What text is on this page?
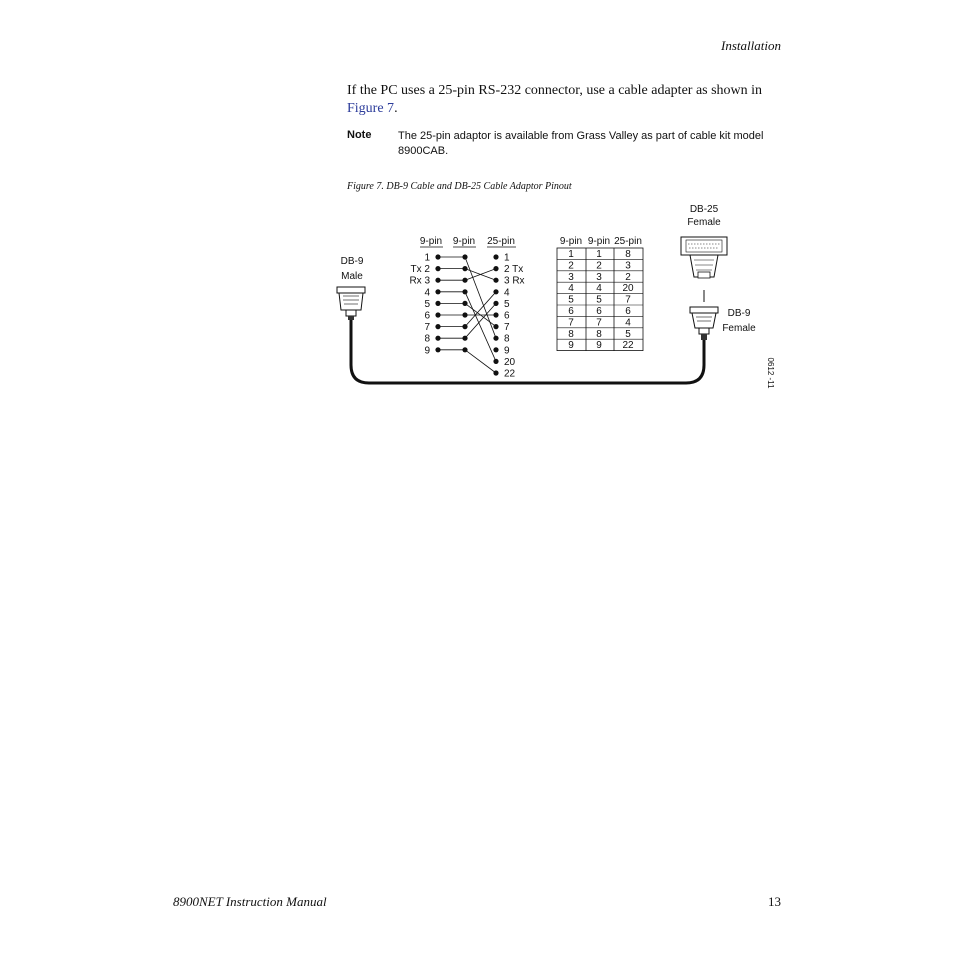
Installation
If the PC uses a 25-pin RS-232 connector, use a cable adapter as shown in Figure 7.
Note The 25-pin adaptor is available from Grass Valley as part of cable kit model 8900CAB.
Figure 7. DB-9 Cable and DB-25 Cable Adaptor Pinout
DB-9
Male
DB-25
Female
DB-9
Female
0612 -11
9-pin 9-pin 25-pin
1
Tx 2
Rx 3
4
5
6
7
8
9
1
2 Tx
3 Rx
4
5
6
7
8
9
20
22
9-pin 9-pin 25-pin
1 1 8
2 2 3
3 3 2
4 4 20
5 5 7
6 6 6
7 7 4
8 8 5
9 9 22
8900NET Instruction Manual	13
